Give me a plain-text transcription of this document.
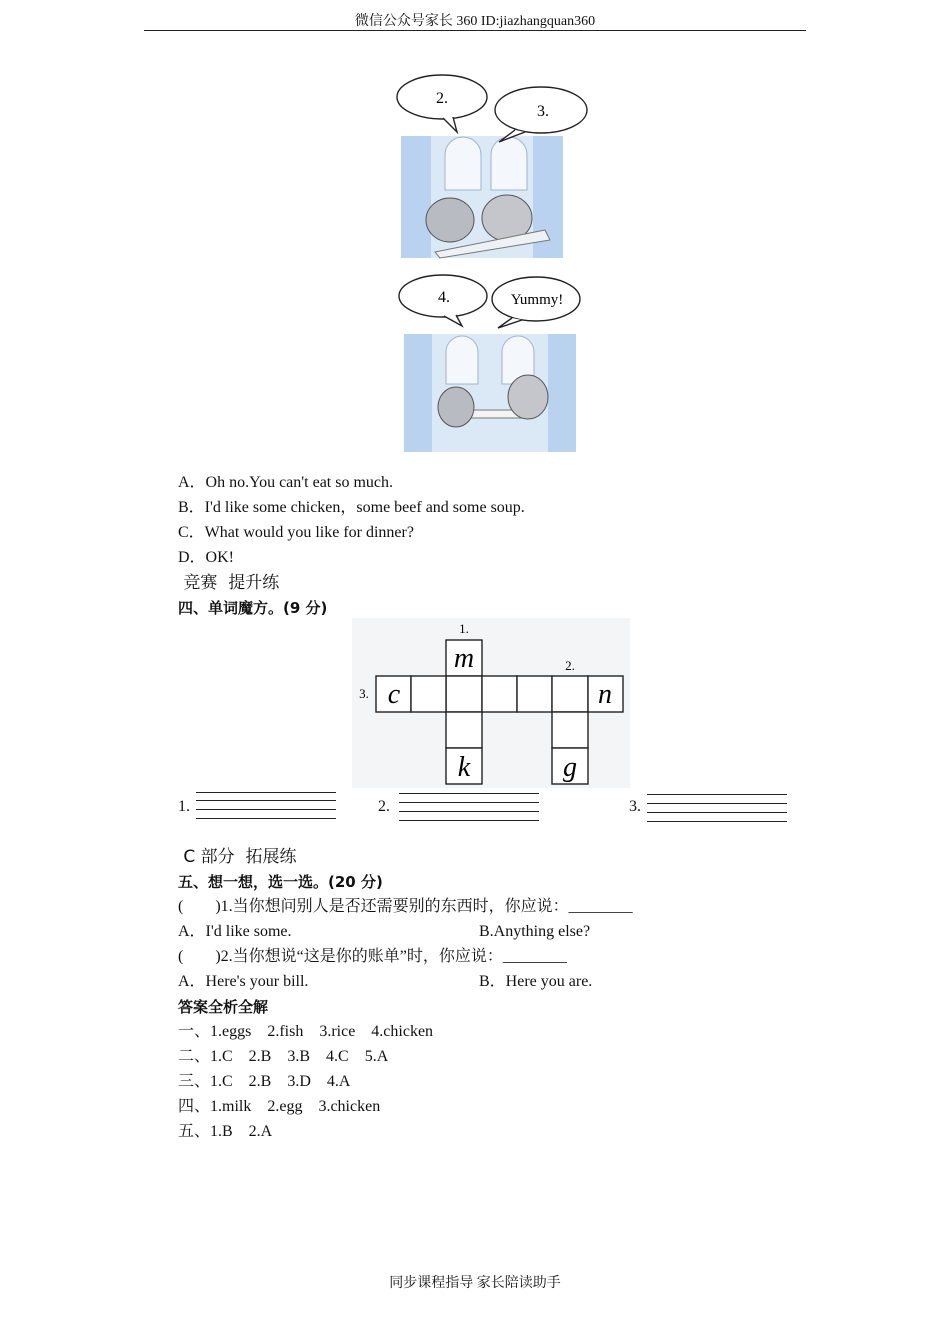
微信公众号家长 360 ID:jiazhangquan360
2.
3.
4.	Yummy!
A．Oh no.You can't eat so much.
B．I'd like some chicken，some beef and some soup.
C．What would you like for dinner?
D．OK!
竞赛  提升练
四、单词魔方。(9 分)
1.
2.
3.
m
c	n
k	g
1.	2.	3.
C 部分  拓展练
五、想一想，选一选。(20 分)
(        )1.当你想问别人是否还需要别的东西时，你应说：________
A．I'd like some.	B.Anything else?
(        )2.当你想说“这是你的账单”时，你应说：________
A．Here's your bill.	B．Here you are.
答案全析全解
一、1.eggs    2.fish    3.rice    4.chicken
二、1.C    2.B    3.B    4.C    5.A
三、1.C    2.B    3.D    4.A
四、1.milk    2.egg    3.chicken
五、1.B    2.A
同步课程指导 家长陪读助手
